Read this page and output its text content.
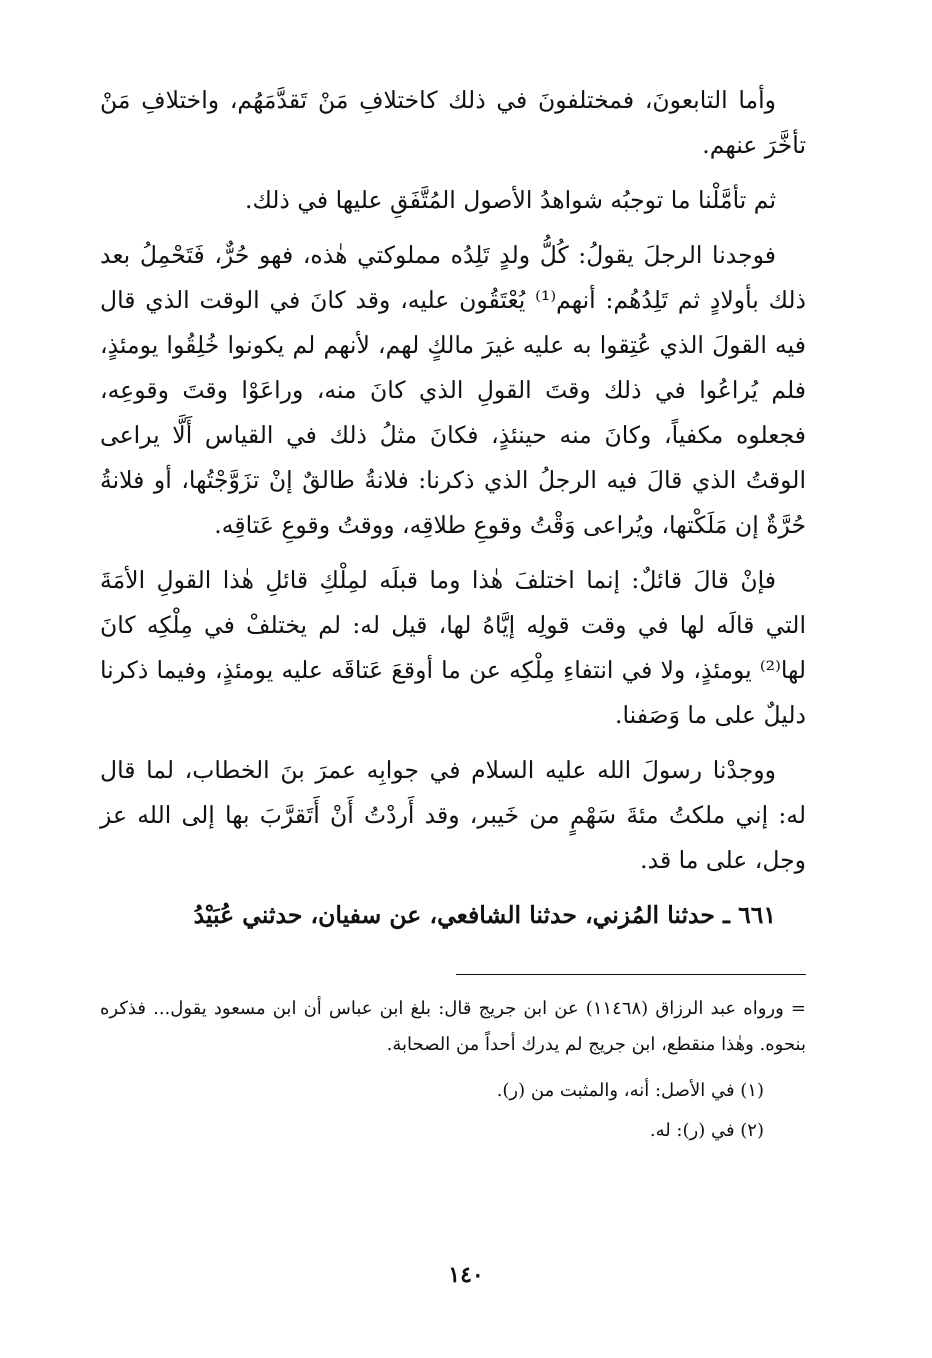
وأما التابعونَ، فمختلفونَ في ذلك كاختلافِ مَنْ تَقدَّمَهُم، واختلافِ مَنْ تأخَّرَ عنهم.

ثم تأمَّلْنا ما توجبُه شواهدُ الأصول المُتَّفَقِ عليها في ذلك.

فوجدنا الرجلَ يقولُ: كُلُّ ولدٍ تَلِدُه مملوكتي هٰذه، فهو حُرٌّ، فَتَحْمِلُ بعد ذلك بأولادٍ ثم تَلِدُهُم: أنهم⁽¹⁾ يُعْتَقُون عليه، وقد كانَ في الوقت الذي قال فيه القولَ الذي عُتِقوا به عليه غيرَ مالكٍ لهم، لأنهم لم يكونوا خُلِقُوا يومئذٍ، فلم يُراعُوا في ذلك وقتَ القولِ الذي كانَ منه، وراعَوْا وقتَ وقوعِه، فجعلوه مكفياً، وكانَ منه حينئذٍ، فكانَ مثلُ ذلك في القياس أَلَّا يراعى الوقتُ الذي قالَ فيه الرجلُ الذي ذكرنا: فلانةُ طالقٌ إنْ تزَوَّجْتُها، أو فلانةُ حُرَّةٌ إن مَلَكْتها، ويُراعى وَقْتُ وقوعِ طلاقِه، ووقتُ وقوعِ عَتاقِه.

فإنْ قالَ قائلٌ: إنما اختلفَ هٰذا وما قبلَه لمِلْكِ قائلِ هٰذا القولِ الأمَةَ التي قالَه لها في وقت قولِه إيَّاهُ لها، قيل له: لم يختلفْ في مِلْكِه كانَ لها⁽²⁾ يومئذٍ، ولا في انتفاءِ مِلْكِه عن ما أوقعَ عَتاقَه عليه يومئذٍ، وفيما ذكرنا دليلٌ على ما وَصَفنا.

ووجدْنا رسولَ الله عليه السلام في جوابِه عمرَ بنَ الخطاب، لما قال له: إني ملكتُ مئةَ سَهْمٍ من خَيبر، وقد أَردْتُ أَنْ أَتَقرَّبَ بها إلى الله عز وجل، على ما قد.

٦٦١ ـ حدثنا المُزني، حدثنا الشافعي، عن سفيان، حدثني عُبَيْدُ

= ورواه عبد الرزاق (١١٤٦٨) عن ابن جريج قال: بلغ ابن عباس أن ابن مسعود يقول... فذكره بنحوه. وهٰذا منقطع، ابن جريج لم يدرك أحداً من الصحابة.

(١) في الأصل: أنه، والمثبت من (ر).

(٢) في (ر): له.

١٤٠
